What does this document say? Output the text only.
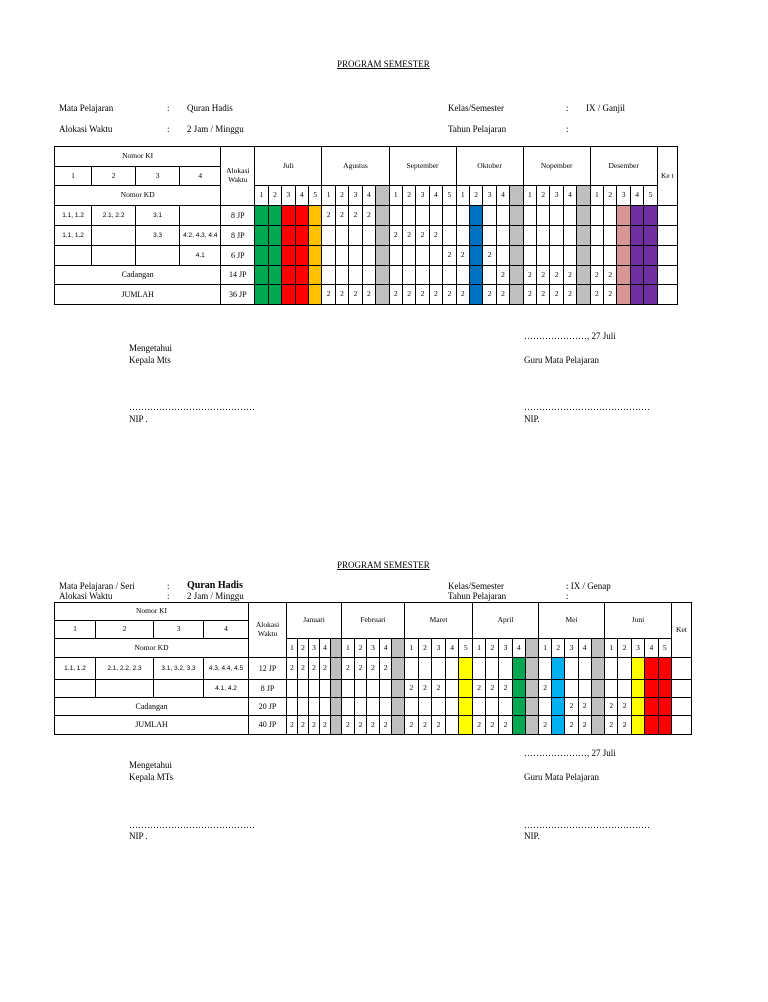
PROGRAM SEMESTER
Mata Pelajaran	: Quran Hadis
Alokasi Waktu	: 2 Jam / Minggu
Kelas/Semester	: IX / Ganjil
Tahun Pelajaran	:
Nomor KI				Alokasi Waktu	Juli					Agustus					September					Oktober					Nopember					Desember					Ke t
1	2	3	4																																
Nomor KD					1	2	3	4	5	1	2	3	4		1	2	3	4	5	1	2	3	4		1	2	3	4		1	2	3	4	5	
1.1, 1.2	2.1, 2.2	3.1		8 JP						2	2	2	2																						
1.1, 1.2		3.3	4.2, 4.3, 4.4	8 JP											2	2	2	2																	
			4.1	6 JP															2	2		2													
Cadangan				14 JP																			2		2	2	2	2		2	2				
JUMLAH				36 JP						2	2	2	2		2	2	2	2	2	2		2	2		2	2	2	2		2	2				
…………………, 27 Juli
Mengetahui
Kepala Mts	Guru Mata Pelajaran
……………………………………	……………………………………
NIP .	NIP.
PROGRAM SEMESTER
Mata Pelajaran / Seri	: Quran Hadis
Alokasi Waktu	: 2 Jam / Minggu
Kelas/Semester	: IX / Genap
Tahun Pelajaran	:
Nomor KI				Alokasi Waktu	Januari					Februari					Maret					April					Mei					Juni					Ket
1	2	3	4																																
Nomor KD					1	2	3	4		1	2	3	4		1	2	3	4	5	1	2	3	4		1	2	3	4		1	2	3	4	5	
1.1, 1.2	2.1, 2.2, 2.3	3.1, 3.2, 3.3	4.3, 4.4, 4.5	12 JP	2	2	2	2		2	2	2	2																						
			4.1, 4.2	8 JP											2	2	2			2	2	2			2										
Cadangan				20 JP																							2	2		2	2				
JUMLAH				40 JP	2	2	2	2		2	2	2	2		2	2	2			2	2	2			2		2	2		2	2				
…………………, 27 Juli
Mengetahui
Kepala MTs	Guru Mata Pelajaran
……………………………………	……………………………………
NIP .	NIP.
